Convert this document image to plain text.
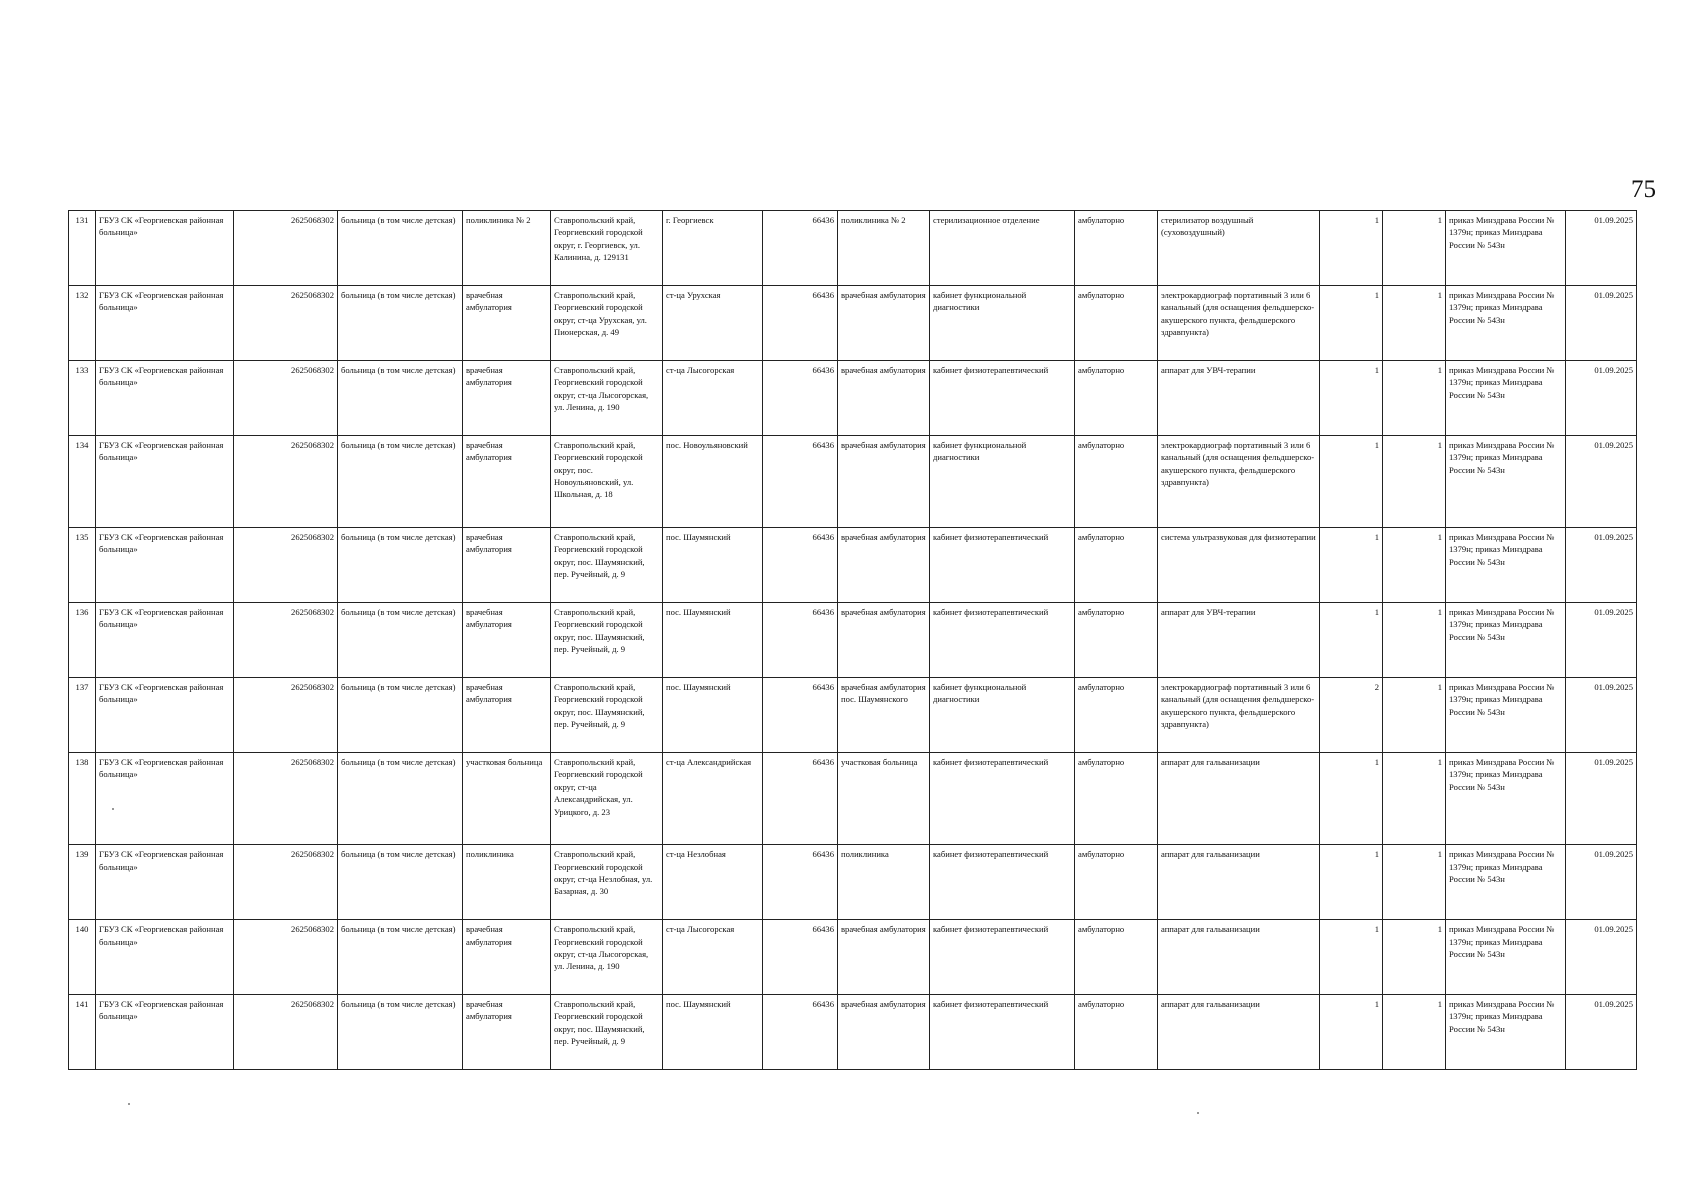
75
131	ГБУЗ СК «Георгиевская районная больница»	2625068302	больница (в том числе детская)	поликлиника № 2	Ставропольский край, Георгиевский городской округ, г. Георгиевск, ул. Калинина, д. 129131	г. Георгиевск	66436	поликлиника № 2	стерилизационное отделение	амбулаторно	стерилизатор воздушный (суховоздушный)	1	1	приказ Минздрава России № 1379н; приказ Минздрава России № 543н	01.09.2025
132	ГБУЗ СК «Георгиевская районная больница»	2625068302	больница (в том числе детская)	врачебная амбулатория	Ставропольский край, Георгиевский городской округ, ст-ца Урухская, ул. Пионерская, д. 49	ст-ца Урухская	66436	врачебная амбулатория	кабинет функциональной диагностики	амбулаторно	электрокардиограф портативный 3 или 6 канальный (для оснащения фельдшерско-акушерского пункта, фельдшерского здравпункта)	1	1	приказ Минздрава России № 1379н; приказ Минздрава России № 543н	01.09.2025
133	ГБУЗ СК «Георгиевская районная больница»	2625068302	больница (в том числе детская)	врачебная амбулатория	Ставропольский край, Георгиевский городской округ, ст-ца Лысогорская, ул. Ленина, д. 190	ст-ца Лысогорская	66436	врачебная амбулатория	кабинет физиотерапевтический	амбулаторно	аппарат для УВЧ-терапии	1	1	приказ Минздрава России № 1379н; приказ Минздрава России № 543н	01.09.2025
134	ГБУЗ СК «Георгиевская районная больница»	2625068302	больница (в том числе детская)	врачебная амбулатория	Ставропольский край, Георгиевский городской округ, пос. Новоульяновский, ул. Школьная, д. 18	пос. Новоульяновский	66436	врачебная амбулатория	кабинет функциональной диагностики	амбулаторно	электрокардиограф портативный 3 или 6 канальный (для оснащения фельдшерско-акушерского пункта, фельдшерского здравпункта)	1	1	приказ Минздрава России № 1379н; приказ Минздрава России № 543н	01.09.2025
135	ГБУЗ СК «Георгиевская районная больница»	2625068302	больница (в том числе детская)	врачебная амбулатория	Ставропольский край, Георгиевский городской округ, пос. Шаумянский, пер. Ручейный, д. 9	пос. Шаумянский	66436	врачебная амбулатория	кабинет физиотерапевтический	амбулаторно	система ультразвуковая для физиотерапии	1	1	приказ Минздрава России № 1379н; приказ Минздрава России № 543н	01.09.2025
136	ГБУЗ СК «Георгиевская районная больница»	2625068302	больница (в том числе детская)	врачебная амбулатория	Ставропольский край, Георгиевский городской округ, пос. Шаумянский, пер. Ручейный, д. 9	пос. Шаумянский	66436	врачебная амбулатория	кабинет физиотерапевтический	амбулаторно	аппарат для УВЧ-терапии	1	1	приказ Минздрава России № 1379н; приказ Минздрава России № 543н	01.09.2025
137	ГБУЗ СК «Георгиевская районная больница»	2625068302	больница (в том числе детская)	врачебная амбулатория	Ставропольский край, Георгиевский городской округ, пос. Шаумянский, пер. Ручейный, д. 9	пос. Шаумянский	66436	врачебная амбулатория пос. Шаумянского	кабинет функциональной диагностики	амбулаторно	электрокардиограф портативный 3 или 6 канальный (для оснащения фельдшерско-акушерского пункта, фельдшерского здравпункта)	2	1	приказ Минздрава России № 1379н; приказ Минздрава России № 543н	01.09.2025
138	ГБУЗ СК «Георгиевская районная больница»	2625068302	больница (в том числе детская)	участковая больница	Ставропольский край, Георгиевский городской округ, ст-ца Александрийская, ул. Урицкого, д. 23	ст-ца Александрийская	66436	участковая больница	кабинет физиотерапевтический	амбулаторно	аппарат для гальванизации	1	1	приказ Минздрава России № 1379н; приказ Минздрава России № 543н	01.09.2025
139	ГБУЗ СК «Георгиевская районная больница»	2625068302	больница (в том числе детская)	поликлиника	Ставропольский край, Георгиевский городской округ, ст-ца Незлобная, ул. Базарная, д. 30	ст-ца Незлобная	66436	поликлиника	кабинет физиотерапевтический	амбулаторно	аппарат для гальванизации	1	1	приказ Минздрава России № 1379н; приказ Минздрава России № 543н	01.09.2025
140	ГБУЗ СК «Георгиевская районная больница»	2625068302	больница (в том числе детская)	врачебная амбулатория	Ставропольский край, Георгиевский городской округ, ст-ца Лысогорская, ул. Ленина, д. 190	ст-ца Лысогорская	66436	врачебная амбулатория	кабинет физиотерапевтический	амбулаторно	аппарат для гальванизации	1	1	приказ Минздрава России № 1379н; приказ Минздрава России № 543н	01.09.2025
141	ГБУЗ СК «Георгиевская районная больница»	2625068302	больница (в том числе детская)	врачебная амбулатория	Ставропольский край, Георгиевский городской округ, пос. Шаумянский, пер. Ручейный, д. 9	пос. Шаумянский	66436	врачебная амбулатория	кабинет физиотерапевтический	амбулаторно	аппарат для гальванизации	1	1	приказ Минздрава России № 1379н; приказ Минздрава России № 543н	01.09.2025
